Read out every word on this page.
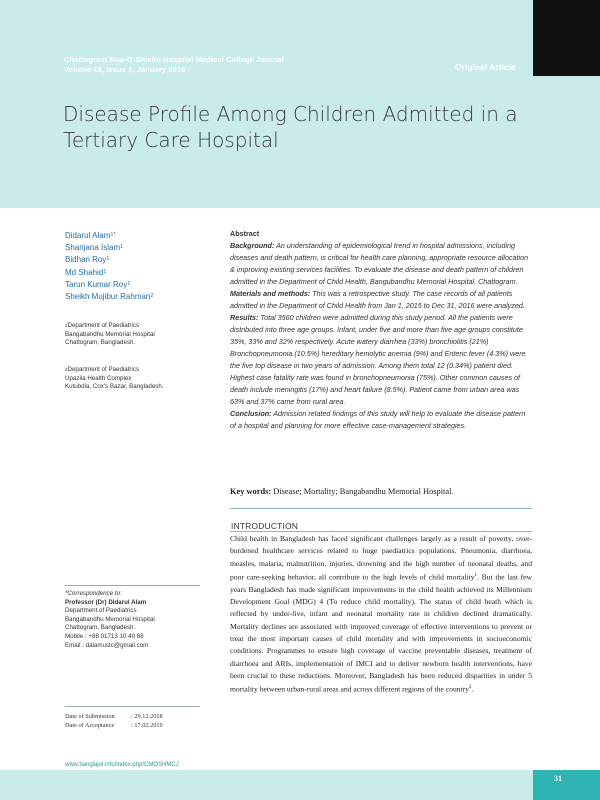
Chattogram Maa-O-Shishu Hospital Medical College Journal
Volume 18, Issue 1, January 2019	Original Article
Disease Profile Among Children Admitted in a Tertiary Care Hospital
Didarul Alam$^{1*}$
Shanjana Islam$^1$
Bidhan Roy$^1$
Md Shahid$^1$
Tarun Kumar Roy$^1$
Sheikh Mujibur Rahman$^2$
$^1$Department of Paediatrics
Bangabandhu Memorial Hospital
Chattogram, Bangladesh.
$^2$Department of Paediatrics
Upazila Health Complex
Kutubdia, Cox's Bazar, Bangladesh.
*Correspondence to:
Professor (Dr) Didarul Alam
Department of Paediatrics
Bangabandhu Memorial Hospital
Chattogram, Bangladesh.
Mobile : +88 01713 10 40 68
Email : dalamustc@gmail.com
Date of Submission	: 29.12.2018
Date of Acceptance	: 17.02.2019
www.banglajol.info/index.php/CMOSHMCJ
Abstract
Background: An understanding of epidemiological trend in hospital admissions, including diseases and death pattern, is critical for health care planning, appropriate resource allocation & improving existing services facilities. To evaluate the disease and death pattern of children admitted in the Department of Child Health, Bangubandhu Memorial Hospital. Chattogram.
Materials and methods: This was a retrospective study. The case records of all patients admitted in the Department of Child Health from Jan 1, 2015 to Dec 31, 2016 were analyzed.
Results: Total 3560 children were admitted during this study period. All the patients were distributed into three age groups. Infant, under five and more than five age groups constitute 35%, 33% and 32% respectively. Acute watery diarrhea (33%) bronchiolitis (21%) Bronchopneumonia (10.5%) hereditary hemolytic anemia (9%) and Enteric fever (4.3%) were the five top disease in two years of admission. Among them total 12 (0.34%) patient died. Highest case fatality rate was found in bronchopneumonia (75%). Other common causes of death include meningitis (17%) and heart failure (8.5%). Patient came from urban area was 63% and 37% came from rural area.
Conclusion: Admission related findings of this study will help to evaluate the disease pattern of a hospital and planning for more effective case-management strategies.
Key words: Disease; Mortality; Bangabandhu Memorial Hospital.
INTRODUCTION

Child health in Bangladesh has faced significant challenges largely as a result of poverty, over-burdened healthcare services related to huge paediatrics populations. Pneumonia, diarrhoea, measles, malaria, malnutrition, injuries, drowning and the high number of neonatal deaths, and poor care-seeking behavior, all contribute to the high levels of child mortality$^1$. But the last few years Bangladesh has made significant improvements in the child health achieved its Millennium Development Goal (MDG) 4 (To reduce child mortality). The status of child heath which is reflected by under-five, infant and neonatal mortality rate in children declined dramatically. Mortality declines are associated with improved coverage of effective interventions to prevent or treat the most important causes of child mortality and with improvements in socioeconomic conditions. Programmes to ensure high coverage of vaccine preventable diseases, treatment of diarrhoea and ARIs, implementation of IMCI and to deliver newborn health interventions, have been crucial to these reductions. Moreover, Bangladesh has been reduced disparities in under 5 mortality between urban-rural areas and across different regions of the country$^2$.

31
